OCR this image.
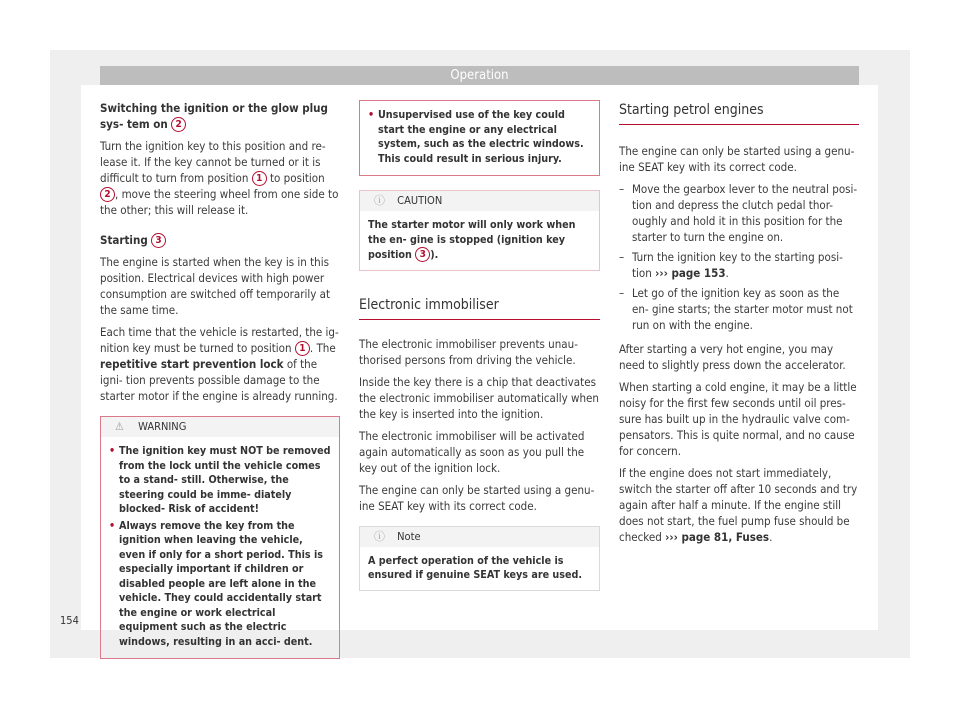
Operation

Switching the ignition or the glow plug sys- tem on 2

Turn the ignition key to this position and re- lease it. If the key cannot be turned or it is difficult to turn from position 1 to position 2 , move the steering wheel from one side to the other; this will release it.

Starting 3

The engine is started when the key is in this position. Electrical devices with high power consumption are switched off temporarily at the same time.

Each time that the vehicle is restarted, the ig- nition key must be turned to position 1 . The repetitive start prevention lock of the igni- tion prevents possible damage to the starter motor if the engine is already running.

⚠ WARNING
• The ignition key must NOT be removed from the lock until the vehicle comes to a stand- still. Otherwise, the steering could be imme- diately blocked- Risk of accident!
• Always remove the key from the ignition when leaving the vehicle, even if only for a short period. This is especially important if children or disabled people are left alone in the vehicle. They could accidentally start the engine or work electrical equipment such as the electric windows, resulting in an acci- dent.
• Unsupervised use of the key could start the engine or any electrical system, such as the electric windows. This could result in serious injury.
ⓘ CAUTION
The starter motor will only work when the en- gine is stopped (ignition key position 3 ).
Electronic immobiliser

The electronic immobiliser prevents unau- thorised persons from driving the vehicle.

Inside the key there is a chip that deactivates the electronic immobiliser automatically when the key is inserted into the ignition.

The electronic immobiliser will be activated again automatically as soon as you pull the key out of the ignition lock.

The engine can only be started using a genu- ine SEAT key with its correct code.

ⓘ Note
A perfect operation of the vehicle is ensured if genuine SEAT keys are used.
Starting petrol engines

The engine can only be started using a genu- ine SEAT key with its correct code.

– Move the gearbox lever to the neutral posi- tion and depress the clutch pedal thor- oughly and hold it in this position for the starter to turn the engine on.
– Turn the ignition key to the starting posi- tion ››› page 153.
– Let go of the ignition key as soon as the en- gine starts; the starter motor must not run on with the engine.

After starting a very hot engine, you may need to slightly press down the accelerator.

When starting a cold engine, it may be a little noisy for the first few seconds until oil pres- sure has built up in the hydraulic valve com- pensators. This is quite normal, and no cause for concern.

If the engine does not start immediately, switch the starter off after 10 seconds and try again after half a minute. If the engine still does not start, the fuel pump fuse should be checked ››› page 81, Fuses.

154
